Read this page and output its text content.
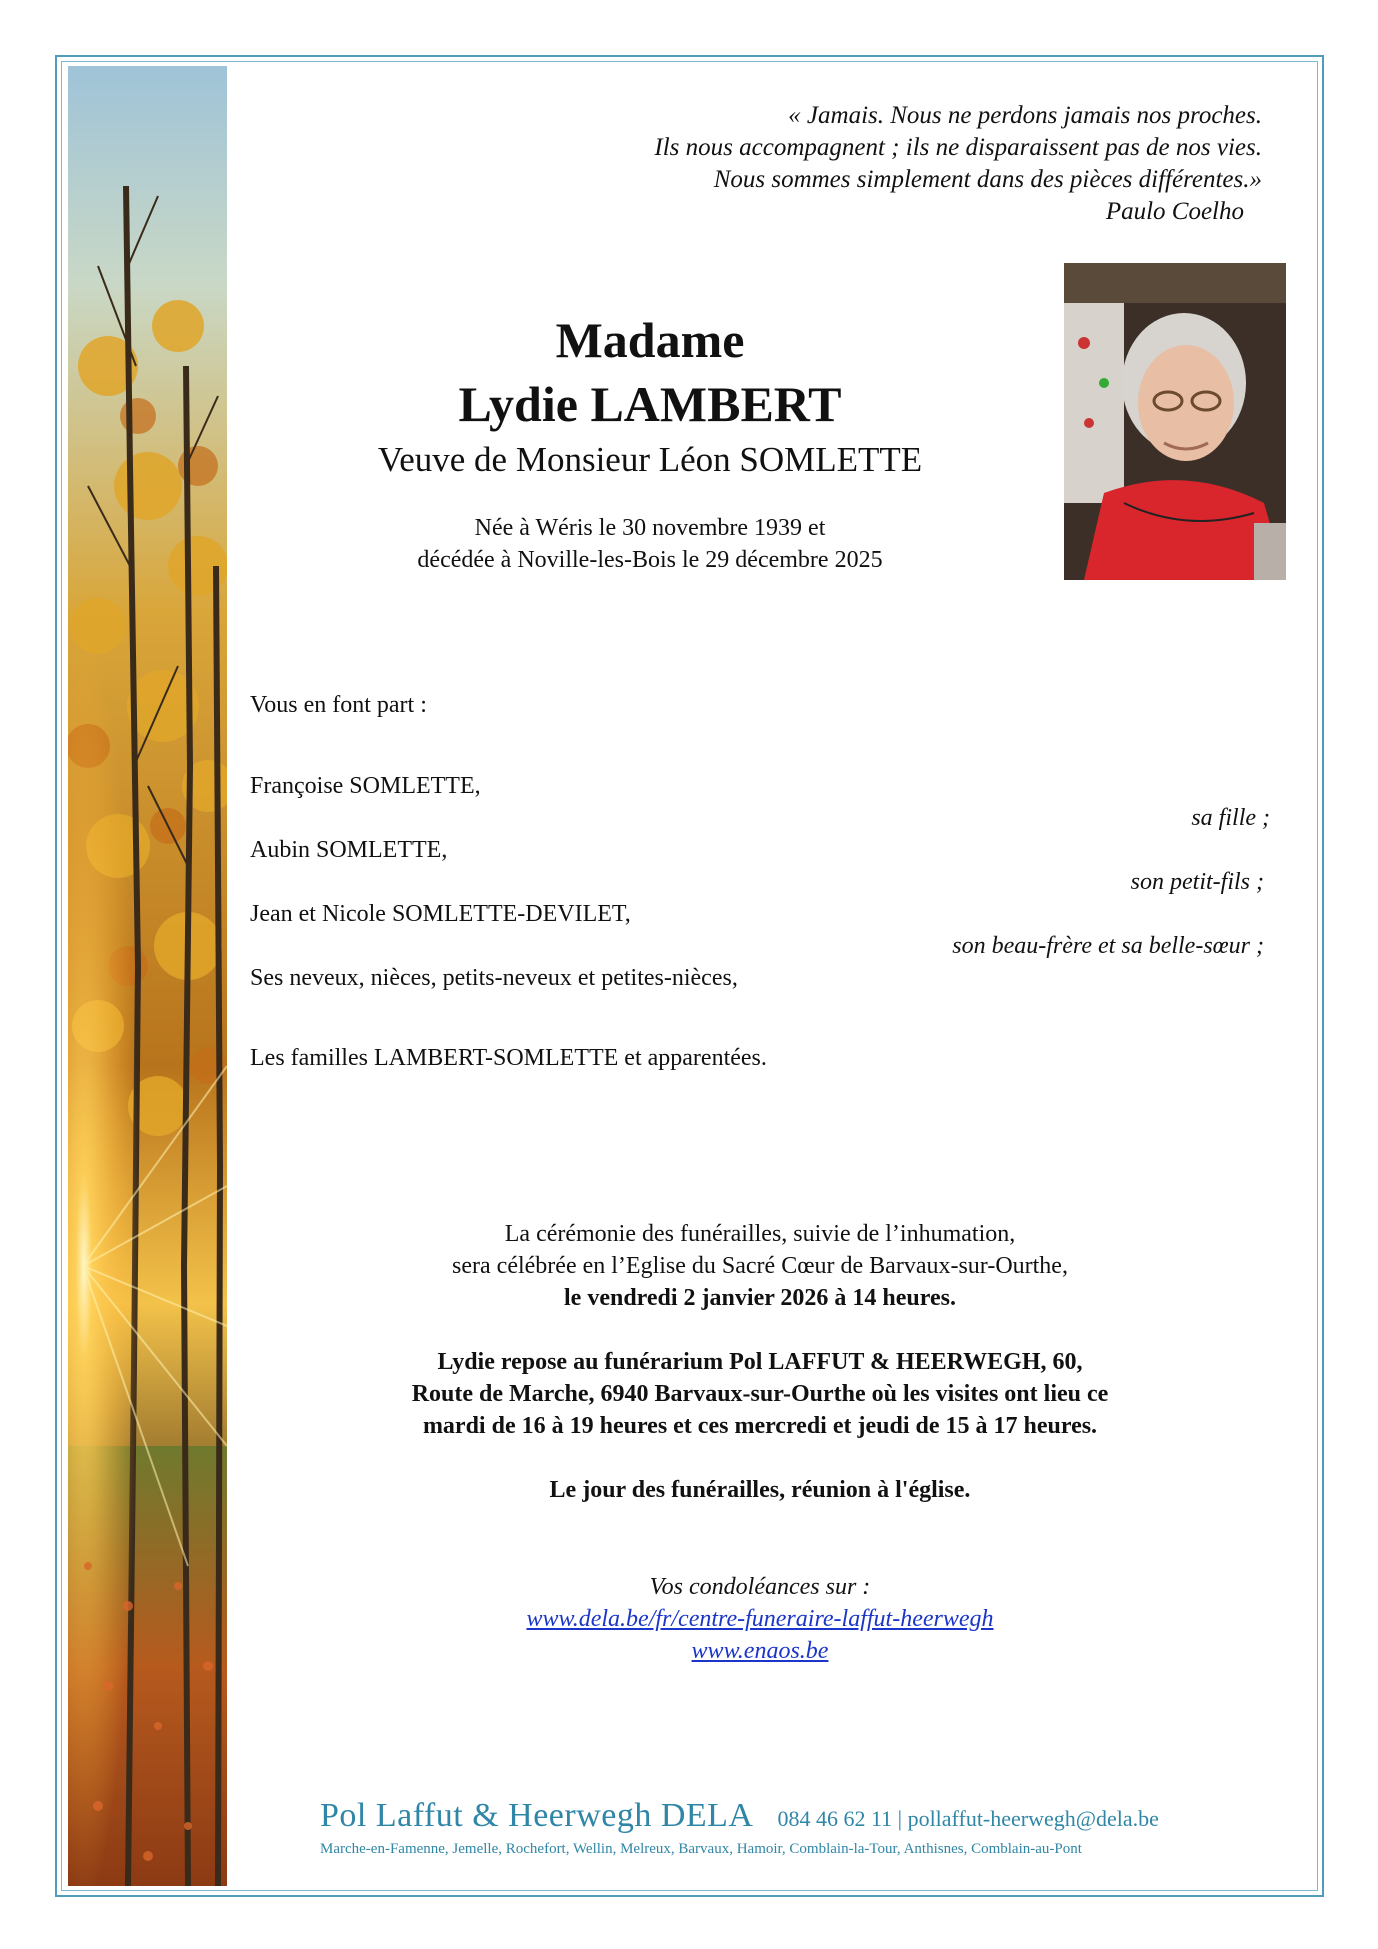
« Jamais. Nous ne perdons jamais nos proches.
Ils nous accompagnent ; ils ne disparaissent pas de nos vies.
Nous sommes simplement dans des pièces différentes.»
Paulo Coelho
Madame
Lydie LAMBERT
Veuve de Monsieur Léon SOMLETTE
Née à Wéris le 30 novembre 1939 et
décédée à Noville-les-Bois le 29 décembre 2025
Vous en font part :
Françoise SOMLETTE,
sa fille ;
Aubin SOMLETTE,
son petit-fils ;
Jean et Nicole SOMLETTE-DEVILET,
son beau-frère et sa belle-sœur ;
Ses neveux, nièces, petits-neveux et petites-nièces,
Les familles LAMBERT-SOMLETTE et apparentées.
La cérémonie des funérailles, suivie de l’inhumation,
sera célébrée en l’Eglise du Sacré Cœur de Barvaux-sur-Ourthe,
le vendredi 2 janvier 2026 à 14 heures.
Lydie repose au funérarium Pol LAFFUT & HEERWEGH, 60,
Route de Marche, 6940 Barvaux-sur-Ourthe où les visites ont lieu ce
mardi de 16 à 19 heures et ces mercredi et jeudi de 15 à 17 heures.
Le jour des funérailles, réunion à l'église.
Vos condoléances sur :
www.dela.be/fr/centre-funeraire-laffut-heerwegh
www.enaos.be
Pol Laffut & Heerwegh DELA 084 46 62 11 | pollaffut-heerwegh@dela.be
Marche-en-Famenne, Jemelle, Rochefort, Wellin, Melreux, Barvaux, Hamoir, Comblain-la-Tour, Anthisnes, Comblain-au-Pont
